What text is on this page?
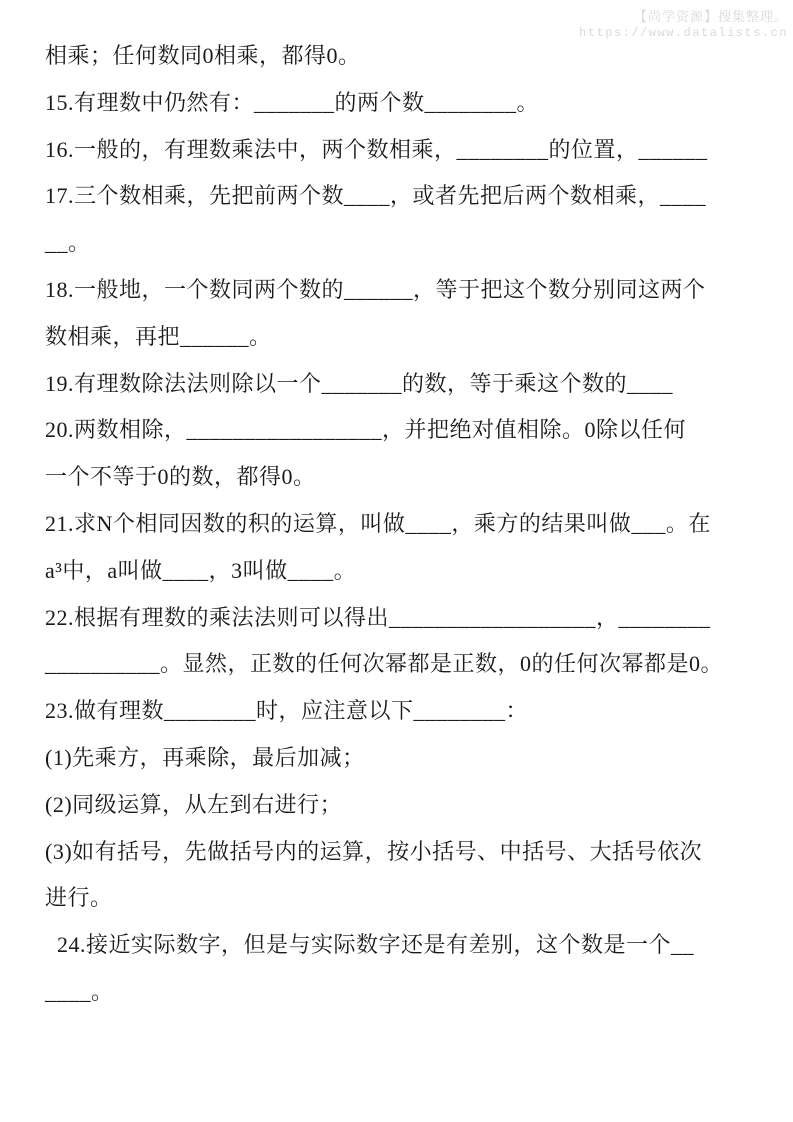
【尚学资源】搜集整理。
https://www.datalists.cn

相乘；任何数同0相乘，都得0。

15.有理数中仍然有：_______的两个数________。

16.一般的，有理数乘法中，两个数相乘，________的位置，______

17.三个数相乘，先把前两个数____，或者先把后两个数相乘，____

__。

18.一般地，一个数同两个数的______，等于把这个数分别同这两个

数相乘，再把______。

19.有理数除法法则除以一个_______的数，等于乘这个数的____

20.两数相除，_________________，并把绝对值相除。0除以任何

一个不等于0的数，都得0。

21.求N个相同因数的积的运算，叫做____，乘方的结果叫做___。在

a³中，a叫做____，3叫做____。

22.根据有理数的乘法法则可以得出__________________，________

__________。显然，正数的任何次幂都是正数，0的任何次幂都是0。

23.做有理数________时，应注意以下________：

(1)先乘方，再乘除，最后加减；

(2)同级运算，从左到右进行；

(3)如有括号，先做括号内的运算，按小括号、中括号、大括号依次

进行。

24.接近实际数字，但是与实际数字还是有差别，这个数是一个__

____。
